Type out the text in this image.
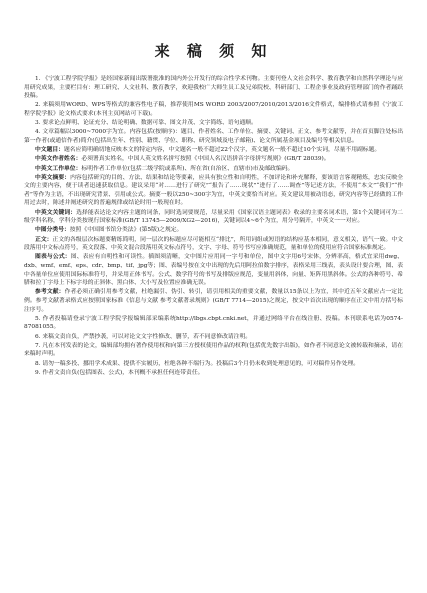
来 稿 须 知

1. 《宁波工程学院学报》是经国家新闻出版署批准的国内外公开发行的综合性学术刊物。主要刊登人文社会科学、教育教学和自然科学理论与应用研究成果，主要栏目有：理工研究、人文社科、教育教学，欢迎我校广大师生员工及兄弟院校、科研部门、工程企事业及政府管理部门的作者踊跃投稿。

2. 来稿须用WORD、WPS等格式的兼容性电子稿，推荐使用MS WORD 2003/2007/2010/2013/2016文件格式，编排格式请参照《宁波工程学院学报》论文格式要求(本刊主页网站可下载)。

3. 要求论点鲜明、论证充分、结论明确、数据可靠、图文并茂、文字简练、语句通顺。

4. 文章篇幅以3000~7000字为宜。内容包括(按顺序)：题目、作者姓名、工作单位、摘要、关键词、正文、参考文献等，并在首页脚注处标出第一作者(或通信作者)简介(包括出生年、性别、籍贯、学位、职称、研究领域及电子邮箱)、论文所属基金项目及编号等相关信息。

中文题目：题名应简明确切地反映本文的特定内容，中文题名一般不超过22个汉字，英文题名一般不超过10个实词，尽量不用副标题。

中英文作者姓名：必须署真实姓名，中国人英文姓名拼写按照《中国人名汉语拼音字母拼写规则》(GB/T 28039)。

中英文工作单位：标明作者工作单位(包括二级学院或系所)、所在省(自治区、直辖市)市及邮政编码。

中英文摘要：内容包括研究的目的、方法、结果和结论等要素，应具有独立性和自明性，不加评论和补充解释，要该语言客观精炼，忠实反映全文的主要内容，便于读者迅速获取信息。建议采用“对……进行了研究”“报告了……现状”“进行了……调查”等记述方法，不使用“本文”“我们”“作者”等作为主语，不出现研究背景、引用或公式。摘要一般以250~300字为宜，中英文要恰当对应。英文建议用被动语态，研究内容等已经做的工作用过去时，陈述并阐述研究的普遍规律或结论时用一般现在时。

中英文关键词：选择能表达论文内容主题的词条，同时选词要规范，尽量采用《国家汉语主题词表》收录的主要名词术语，第1个关键词可为二级学科名称，学科分类按现行国家标准(GB/T 13745—2009/XG2—2016)，关键词以4~6个为宜，用分号隔开，中英文一一对应。

中图分类号：按照《中国图书馆分类法》(第5版)之规定。

正文：正文的各级层次标题要精练简明，同一层次的标题应尽可能相互“排比”，所用词组或短语的结构应基本相同，意义相关，语气一致。中文段落用中文标点符号，英文段落、中英文混合段落用英文标点符号，文字、字母、符号书写应准确规范，量和单位的使用应符合国家标准规定。

图表与公式：图、表应有自明性和可读性。插图须清晰，文中图片应用同一字号和单位，图中文字用6号宋体，分辨率高，格式宜采用dwg、dxb、wmf、emf、eps、cdr、bmp、tif、jpg等；图、表编号按在文中出现的先后用阿拉伯数字排序，表格采用三线表，表头设计要合理，图、表中各量单位应使用国际标准符号，并采用正体书写。公式、数学符号的书写及排版应规范，变量用斜体，向量、矩阵用黑斜体。公式的各种符号、希腊和拉丁字母上下标字母的正斜体、黑白体、大小写及位置应准确无误。

参考文献：作者必须正确引用参考文献，杜绝漏引、伪引、转引，请引用相关的重要文献，数量以15条以上为宜，其中近五年文献应占一定比例。参考文献著录格式应按照国家标准《信息与文献 参考文献著录规则》(GB/T 7714—2015)之规定，按文中首次出现的顺序在正文中用方括号标注序号。

5. 作者投稿请登录宁波工程学院学报编辑部采编系统http://lbgs.cbpt.cnki.net，并通过网络平台在线注册、投稿。本刊联系电话为0574-87081055。

6. 来稿文责自负，严禁抄袭，可以对论文文字性修改、删节，若不同意修改请注明。

7. 凡在本刊发表的论文，编辑部均拥有著作使用权和向第三方授权使用作品的权利(包括优先数字出版)，如作者不同意论文被转载和摘录，请在来稿时声明。

8. 请勿一稿多投、挪用学术成果、提供不实履历，杜绝各种不端行为。投稿后3个月仍未收到处理意见的，可对稿件另作处理。

9. 作者文责自负(包括图表、公式)，本刊概不承担任何连带责任。
